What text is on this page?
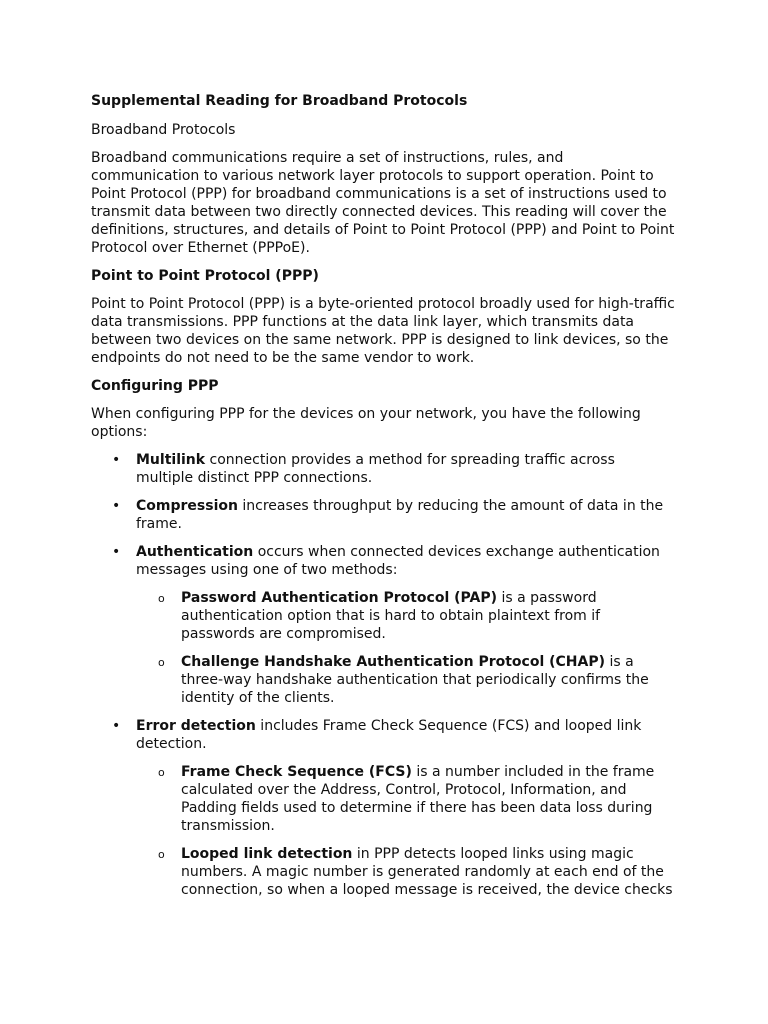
Supplemental Reading for Broadband Protocols
Broadband Protocols

Broadband communications require a set of instructions, rules, and communication to various network layer protocols to support operation. Point to Point Protocol (PPP) for broadband communications is a set of instructions used to transmit data between two directly connected devices. This reading will cover the definitions, structures, and details of Point to Point Protocol (PPP) and Point to Point Protocol over Ethernet (PPPoE).

Point to Point Protocol (PPP)

Point to Point Protocol (PPP) is a byte-oriented protocol broadly used for high-traffic data transmissions. PPP functions at the data link layer, which transmits data between two devices on the same network. PPP is designed to link devices, so the endpoints do not need to be the same vendor to work.

Configuring PPP

When configuring PPP for the devices on your network, you have the following options:

• Multilink connection provides a method for spreading traffic across multiple distinct PPP connections.
• Compression increases throughput by reducing the amount of data in the frame.
• Authentication occurs when connected devices exchange authentication messages using one of two methods:
o Password Authentication Protocol (PAP) is a password authentication option that is hard to obtain plaintext from if passwords are compromised.
o Challenge Handshake Authentication Protocol (CHAP) is a three-way handshake authentication that periodically confirms the identity of the clients.
• Error detection includes Frame Check Sequence (FCS) and looped link detection.
o Frame Check Sequence (FCS) is a number included in the frame calculated over the Address, Control, Protocol, Information, and Padding fields used to determine if there has been data loss during transmission.
o Looped link detection in PPP detects looped links using magic numbers. A magic number is generated randomly at each end of the connection, so when a looped message is received, the device checks
